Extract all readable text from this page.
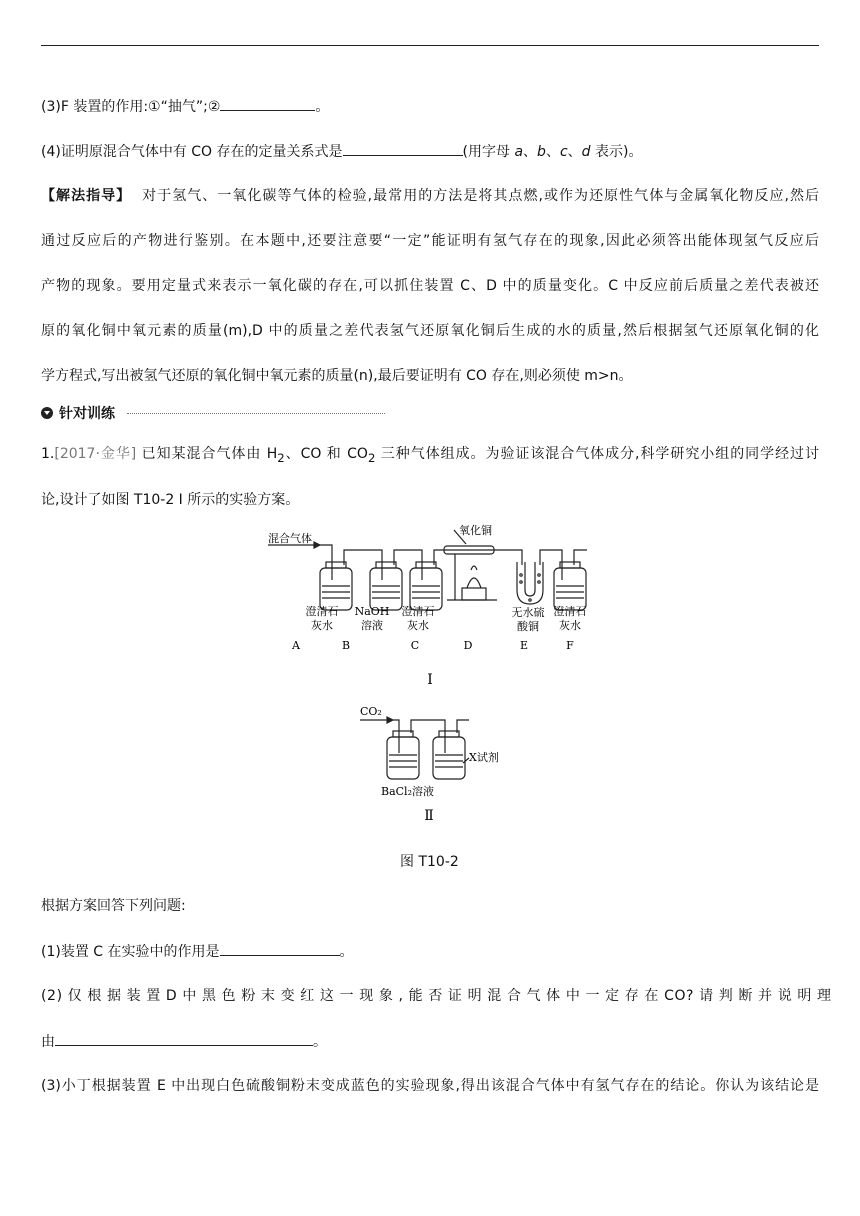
(3)F 装置的作用:①“抽气”;②	。
(4)证明原混合气体中有 CO 存在的定量关系式是	(用字母 a、b、c、d 表示)。
【解法指导】 对于氢气、一氧化碳等气体的检验,最常用的方法是将其点燃,或作为还原性气体与金属氧化物反应,然后
通过反应后的产物进行鉴别。在本题中,还要注意要“一定”能证明有氢气存在的现象,因此必须答出能体现氢气反应后
产物的现象。要用定量式来表示一氧化碳的存在,可以抓住装置 C、D 中的质量变化。C 中反应前后质量之差代表被还
原的氧化铜中氧元素的质量(m),D 中的质量之差代表氢气还原氧化铜后生成的水的质量,然后根据氢气还原氧化铜的化
学方程式,写出被氢气还原的氧化铜中氧元素的质量(n),最后要证明有 CO 存在,则必须使 m>n。
针对训练
1.[2017·金华] 已知某混合气体由 $H_2$、CO 和 $CO_2$ 三种气体组成。为验证该混合气体成分,科学研究小组的同学经过讨
论,设计了如图 T10-2 Ⅰ 所示的实验方案。
混合气体
氧化铜
澄清石
灰水
A
NaOH
溶液
B
澄清石
灰水
C	D
无水硫
酸铜
E
澄清石
灰水
F
Ⅰ
CO₂
BaCl₂溶液
X试剂
Ⅱ
图 T10-2
根据方案回答下列问题:
(1)装置 C 在实验中的作用是	。
(2) 仅 根 据 装 置 D 中 黑 色 粉 末 变 红 这 一 现 象 , 能 否 证 明 混 合 气 体 中 一 定 存 在 CO? 请 判 断 并 说 明 理
由	。
(3)小丁根据装置 E 中出现白色硫酸铜粉末变成蓝色的实验现象,得出该混合气体中有氢气存在的结论。你认为该结论是
